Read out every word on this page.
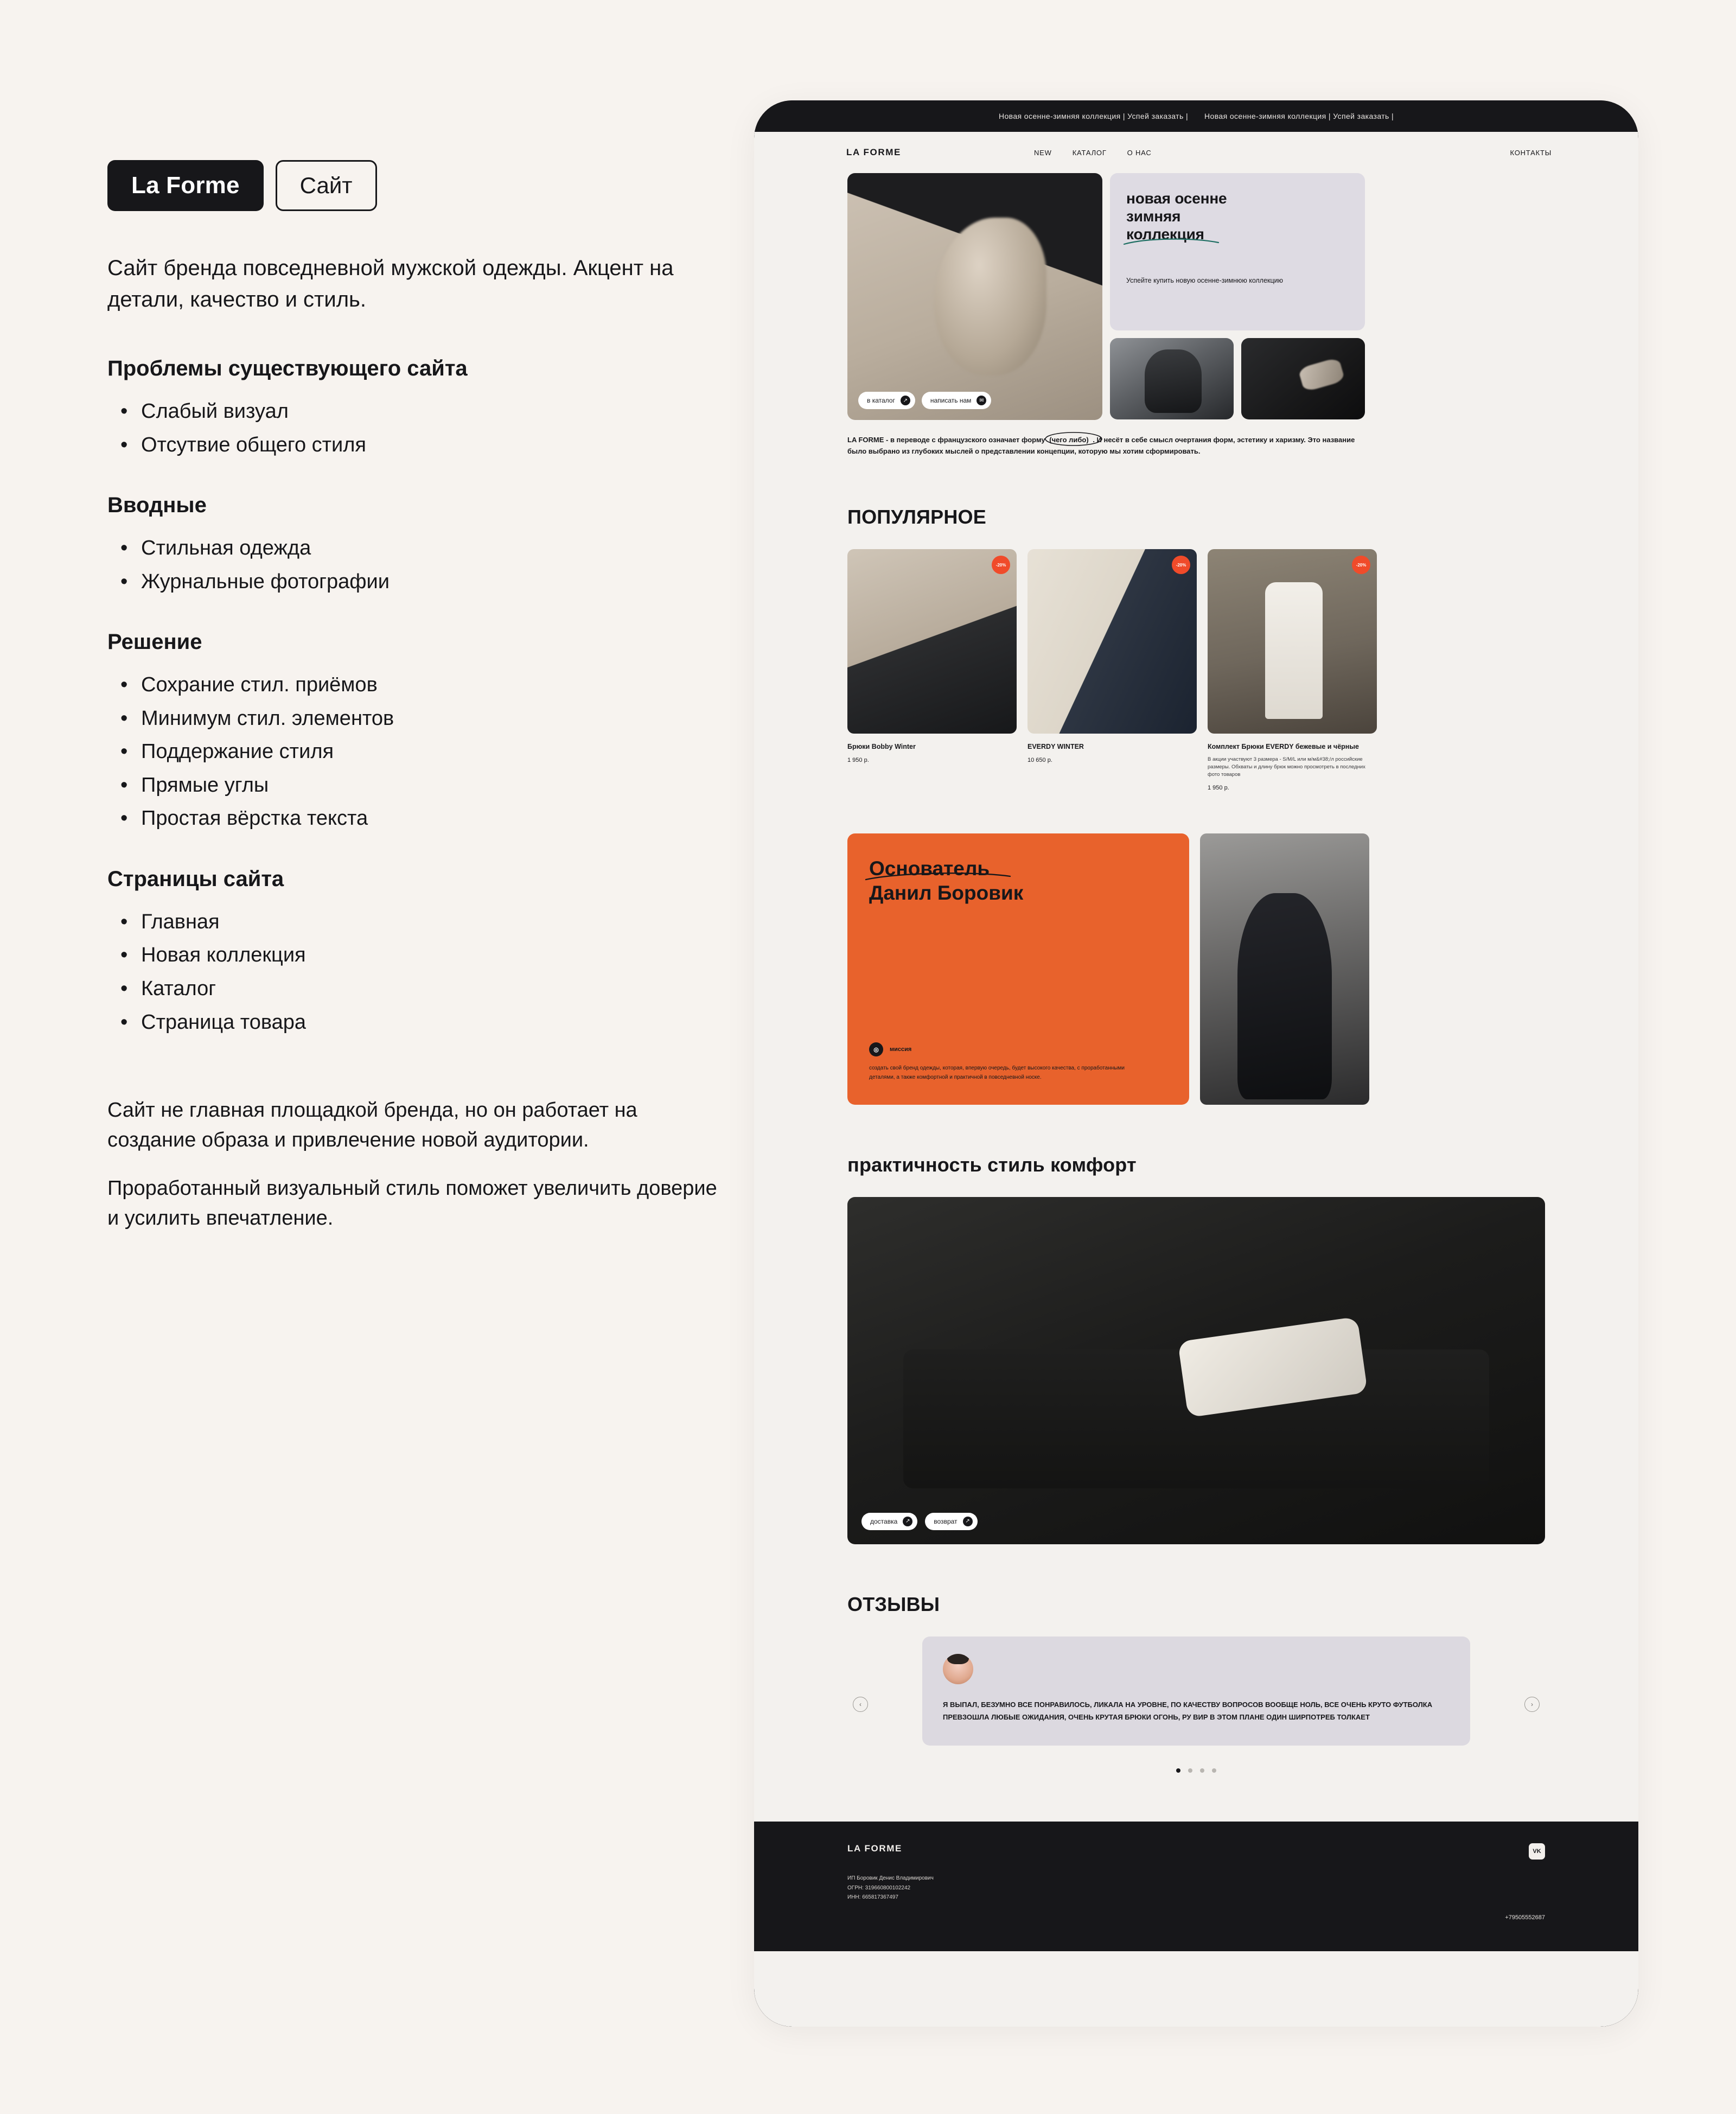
La Forme	Сайт

Сайт бренда повседневной мужской одежды. Акцент на детали, качество и стиль.

Проблемы существующего сайта
• Слабый визуал
• Отсутвие общего стиля
Вводные
• Стильная одежда
• Журнальные фотографии
Решение
• Сохрание стил. приёмов
• Минимум стил. элементов
• Поддержание стиля
• Прямые углы
• Простая вёрстка текста
Страницы сайта
• Главная
• Новая коллекция
• Каталог
• Страница товара

Сайт не главная площадкой бренда, но он работает на создание образа и привлечение новой аудитории.

Проработанный визуальный стиль поможет увеличить доверие и усилить впечатление.

Новая осенне-зимняя коллекция | Успей заказать | Новая осенне-зимняя коллекция | Успей заказать |
LA FORME	NEW	КАТАЛОГ	О НАС	КОНТАКТЫ
в каталог	↗	написать нам	✉
новая осенне
зимняя
коллекция

Успейте купить новую осенне-зимнюю коллекцию

LA FORME - в переводе с французского означает форму (чего либо) . И несёт в себе смысл очертания форм, эстетику и харизму. Это название было выбрано из глубоких мыслей о представлении концепции, которую мы хотим сформировать.

ПОПУЛЯРНОЕ
-20%
Брюки Bobby Winter
1 950 р.
-20%
EVERDY WINTER
10 650 р.
-20%
Комплект Брюки EVERDY бежевые и чёрные
В акции участвуют 3 размера - S/M/L или м/м&#38;/л российские размеры. Обхваты и длину брюк можно просмотреть в последних фото товаров
1 950 р.
Основатель

Данил Боровик
◎	миссия

создать свой бренд одежды, которая, впервую очередь, будет высокого качества, с проработанными деталями, а также комфортной и практичной в повседневной носке.

практичность стиль комфорт
доставка	↗	возврат	↗
ОТЗЫВЫ
‹	Я ВЫПАЛ, БЕЗУМНО ВСЕ ПОНРАВИЛОСЬ, ЛИКАЛА НА УРОВНЕ, ПО КАЧЕСТВУ ВОПРОСОВ ВООБЩЕ НОЛЬ, ВСЕ ОЧЕНЬ КРУТО ФУТБОЛКА ПРЕВЗОШЛА ЛЮБЫЕ ОЖИДАНИЯ, ОЧЕНЬ КРУТАЯ БРЮКИ ОГОНЬ, РУ ВИР В ЭТОМ ПЛАНЕ ОДИН ШИРПОТРЕБ ТОЛКАЕТ
›
LA FORME	VK
ИП Боровик Денис Владимирович
ОГРН: 319660800102242
ИНН: 665817367497
+79505552687
